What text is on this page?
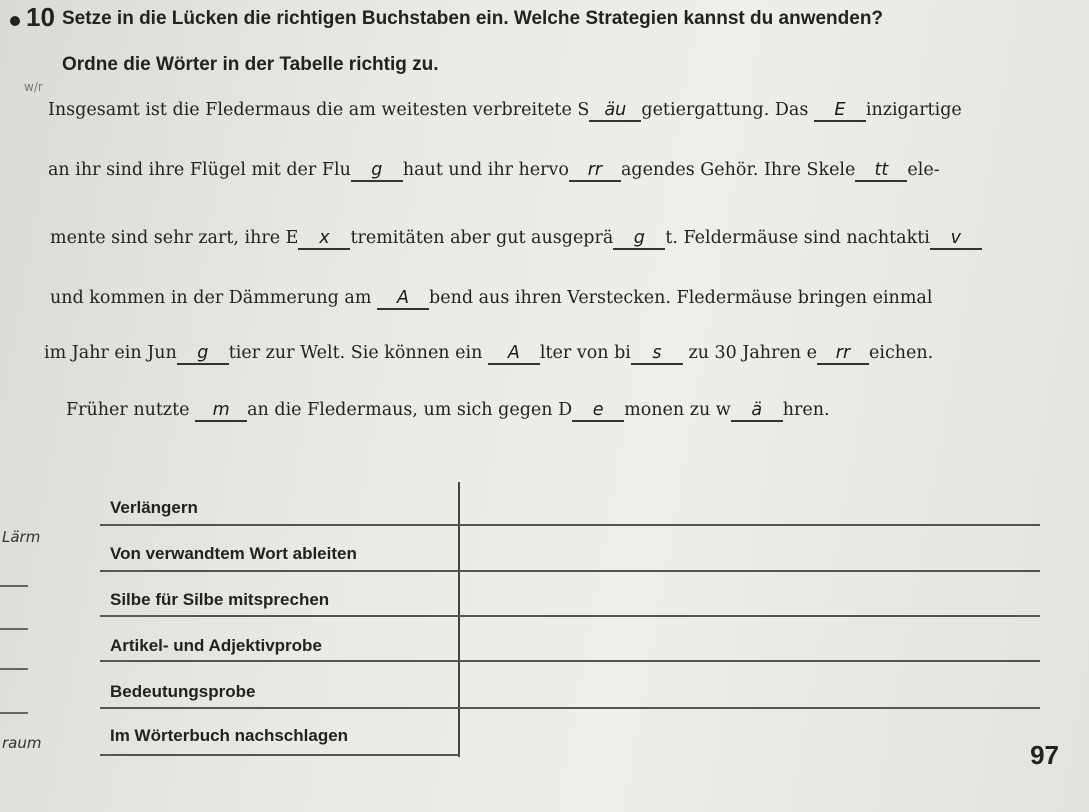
10 Setze in die Lücken die richtigen Buchstaben ein. Welche Strategien kannst du anwenden?
Ordne die Wörter in der Tabelle richtig zu.
w/r
Insgesamt ist die Fledermaus die am weitesten verbreitete S äu getiergattung. Das E inzigartige
an ihr sind ihre Flügel mit der Flu g haut und ihr hervo rr agendes Gehör. Ihre Skele tt ele-
mente sind sehr zart, ihre E x tremitäten aber gut ausgeprä g t. Feldermäuse sind nachtakti v
und kommen in der Dämmerung am A bend aus ihren Verstecken. Fledermäuse bringen einmal
im Jahr ein Jun g tier zur Welt. Sie können ein A lter von bi s zu 30 Jahren e rr eichen.
Früher nutzte m an die Fledermaus, um sich gegen D e monen zu w ä hren.
Verlängern
Von verwandtem Wort ableiten
Silbe für Silbe mitsprechen
Artikel- und Adjektivprobe
Bedeutungsprobe
Im Wörterbuch nachschlagen
Lärm
raum	97
